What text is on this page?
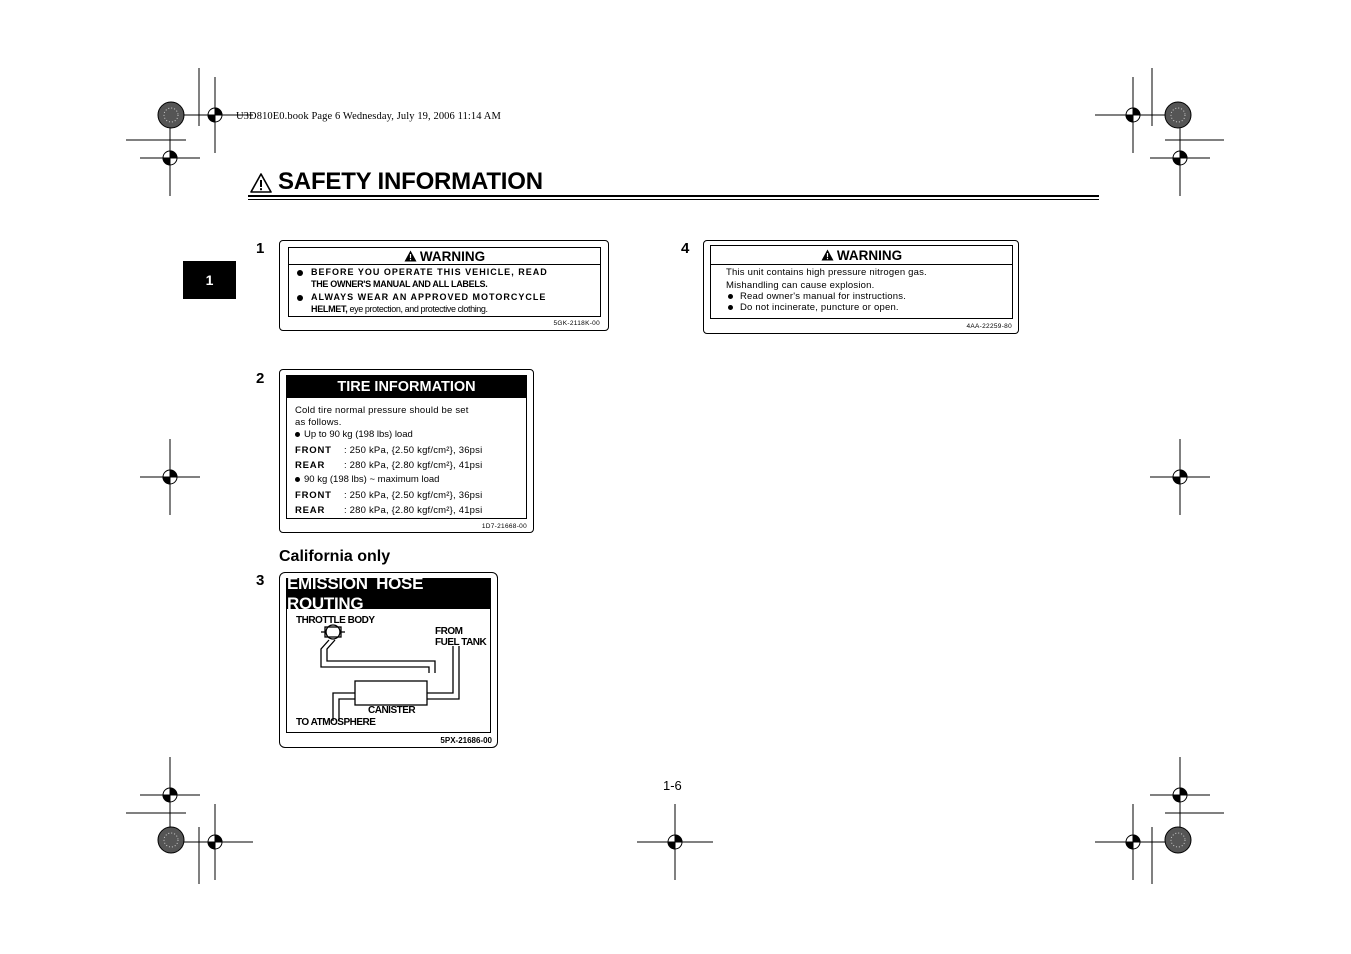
U3D810E0.book Page 6 Wednesday, July 19, 2006 11:14 AM
SAFETY INFORMATION
1
1	WARNING
BEFORE YOU OPERATE THIS VEHICLE, READ
THE OWNER'S MANUAL AND ALL LABELS.
ALWAYS WEAR AN APPROVED MOTORCYCLE
HELMET, eye protection, and protective clothing.
5GK-2118K-00
4	WARNING
This unit contains high pressure nitrogen gas.
Mishandling can cause explosion.
Read owner's manual for instructions.
Do not incinerate, puncture or open.
4AA-22259-80
2	TIRE INFORMATION
Cold tire normal pressure should be set
as follows.
Up to 90 kg (198 lbs) load
FRONT : 250 kPa, {2.50 kgf/cm²}, 36psi
REAR : 280 kPa, {2.80 kgf/cm²}, 41psi
90 kg (198 lbs) ~ maximum load
FRONT : 250 kPa, {2.50 kgf/cm²}, 36psi
REAR : 280 kPa, {2.80 kgf/cm²}, 41psi
1D7-21668-00
California only
3 EMISSION HOSE ROUTING
THROTTLE BODY
FROM
FUEL TANK
CANISTER
TO ATMOSPHERE
5PX-21686-00
1-6
